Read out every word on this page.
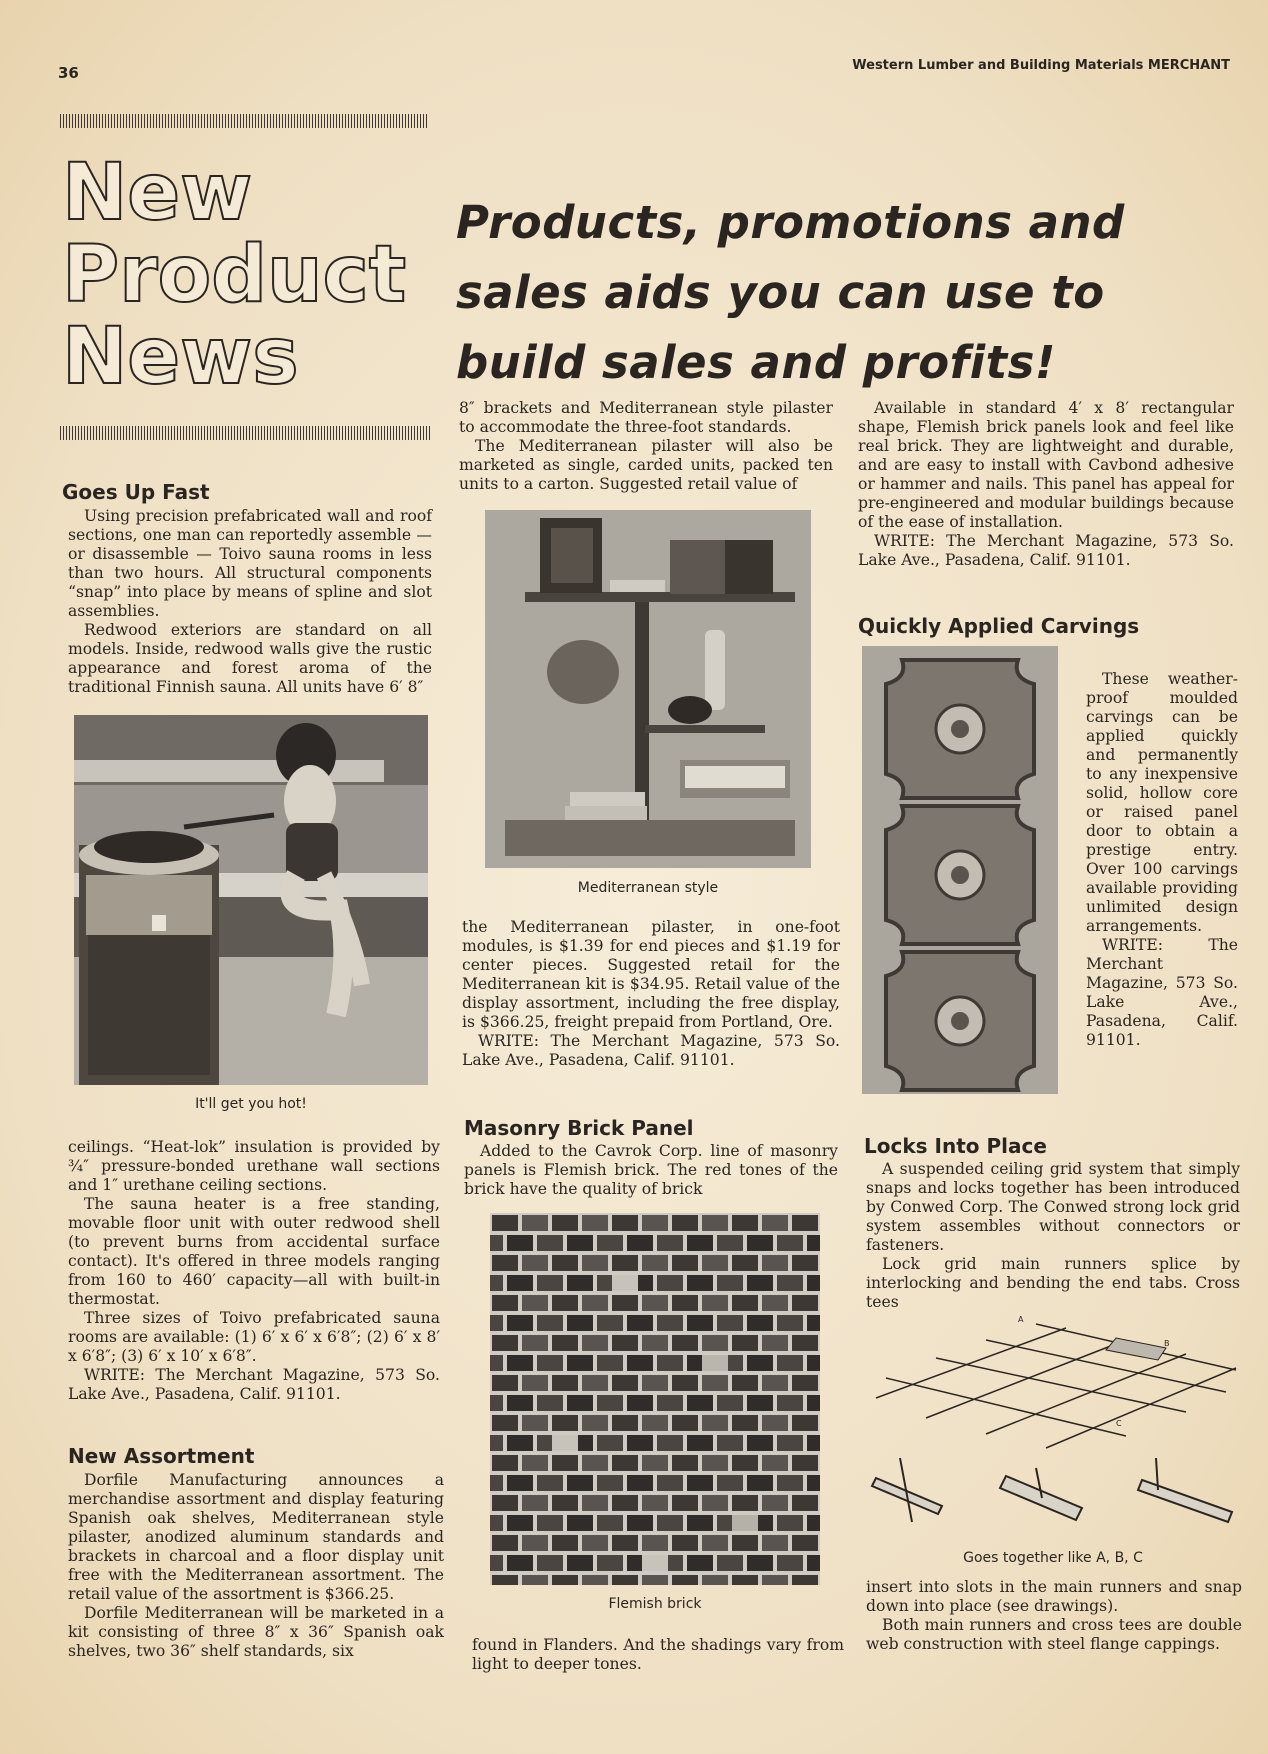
36	Western Lumber and Building Materials MERCHANT
New
Product
News
Products, promotions and sales aids you can use to build sales and profits!
Goes Up Fast

Using precision prefabricated wall and roof sections, one man can reportedly assemble — or disassemble — Toivo sauna rooms in less than two hours. All structural components “snap” into place by means of spline and slot assemblies.

Redwood exteriors are standard on all models. Inside, redwood walls give the rustic appearance and forest aroma of the traditional Finnish sauna. All units have 6′ 8″

It'll get you hot!

ceilings. “Heat-lok” insulation is provided by ¾″ pressure-bonded urethane wall sections and 1″ urethane ceiling sections.

The sauna heater is a free standing, movable floor unit with outer redwood shell (to prevent burns from accidental surface contact). It's offered in three models ranging from 160 to 460′ capacity—all with built-in thermostat.

Three sizes of Toivo prefabricated sauna rooms are available: (1) 6′ x 6′ x 6′8″; (2) 6′ x 8′ x 6′8″; (3) 6′ x 10′ x 6′8″.

WRITE: The Merchant Magazine, 573 So. Lake Ave., Pasadena, Calif. 91101.

New Assortment

Dorfile Manufacturing announces a merchandise assortment and display featuring Spanish oak shelves, Mediterranean style pilaster, anodized aluminum standards and brackets in charcoal and a floor display unit free with the Mediterranean assortment. The retail value of the assortment is $366.25.

Dorfile Mediterranean will be marketed in a kit consisting of three 8″ x 36″ Spanish oak shelves, two 36″ shelf standards, six

8″ brackets and Mediterranean style pilaster to accommodate the three-foot standards.

The Mediterranean pilaster will also be marketed as single, carded units, packed ten units to a carton. Suggested retail value of

Mediterranean style

the Mediterranean pilaster, in one-foot modules, is $1.39 for end pieces and $1.19 for center pieces. Suggested retail for the Mediterranean kit is $34.95. Retail value of the display assortment, including the free display, is $366.25, freight prepaid from Portland, Ore.

WRITE: The Merchant Magazine, 573 So. Lake Ave., Pasadena, Calif. 91101.

Masonry Brick Panel

Added to the Cavrok Corp. line of masonry panels is Flemish brick. The red tones of the brick have the quality of brick

Flemish brick

found in Flanders. And the shadings vary from light to deeper tones.

Available in standard 4′ x 8′ rectangular shape, Flemish brick panels look and feel like real brick. They are lightweight and durable, and are easy to install with Cavbond adhesive or hammer and nails. This panel has appeal for pre-engineered and modular buildings because of the ease of installation.

WRITE: The Merchant Magazine, 573 So. Lake Ave., Pasadena, Calif. 91101.

Quickly Applied Carvings

These weather-proof moulded carvings can be applied quickly and permanently to any inexpensive solid, hollow core or raised panel door to obtain a prestige entry. Over 100 carvings available providing unlimited design arrangements.

WRITE: The Merchant Magazine, 573 So. Lake Ave., Pasadena, Calif. 91101.

Locks Into Place

A suspended ceiling grid system that simply snaps and locks together has been introduced by Conwed Corp. The Conwed strong lock grid system assembles without connectors or fasteners.

Lock grid main runners splice by interlocking and bending the end tabs. Cross tees

A
B
C
Goes together like A, B, C

insert into slots in the main runners and snap down into place (see drawings).

Both main runners and cross tees are double web construction with steel flange cappings.
